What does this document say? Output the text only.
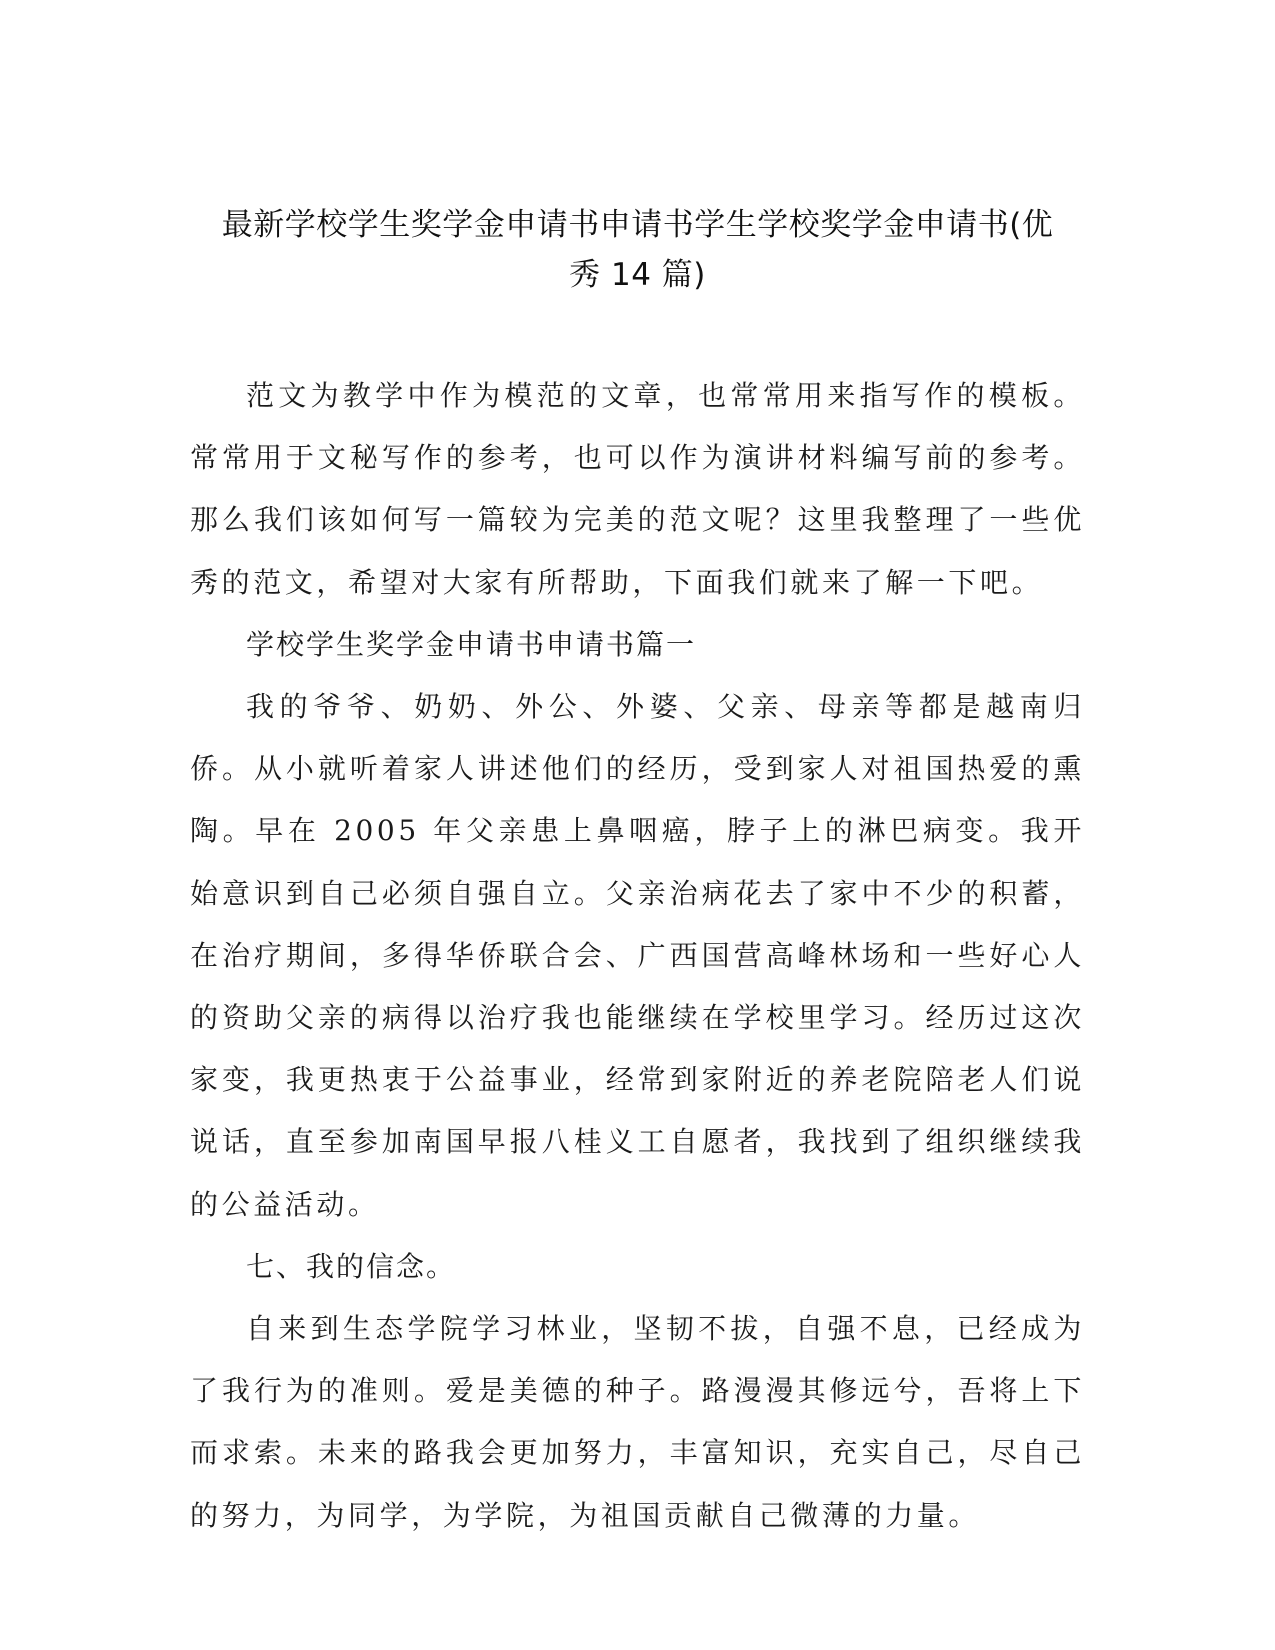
最新学校学生奖学金申请书申请书学生学校奖学金申请书(优
秀 14 篇)

范文为教学中作为模范的文章，也常常用来指写作的模板。常常用于文秘写作的参考，也可以作为演讲材料编写前的参考。那么我们该如何写一篇较为完美的范文呢？这里我整理了一些优秀的范文，希望对大家有所帮助，下面我们就来了解一下吧。

学校学生奖学金申请书申请书篇一

我的爷爷、奶奶、外公、外婆、父亲、母亲等都是越南归侨。从小就听着家人讲述他们的经历，受到家人对祖国热爱的熏陶。早在 2005 年父亲患上鼻咽癌，脖子上的淋巴病变。我开始意识到自己必须自强自立。父亲治病花去了家中不少的积蓄，在治疗期间，多得华侨联合会、广西国营高峰林场和一些好心人的资助父亲的病得以治疗我也能继续在学校里学习。经历过这次家变，我更热衷于公益事业，经常到家附近的养老院陪老人们说说话，直至参加南国早报八桂义工自愿者，我找到了组织继续我的公益活动。

七、我的信念。

自来到生态学院学习林业，坚韧不拔，自强不息，已经成为了我行为的准则。爱是美德的种子。路漫漫其修远兮，吾将上下而求索。未来的路我会更加努力，丰富知识，充实自己，尽自己的努力，为同学，为学院，为祖国贡献自己微薄的力量。
